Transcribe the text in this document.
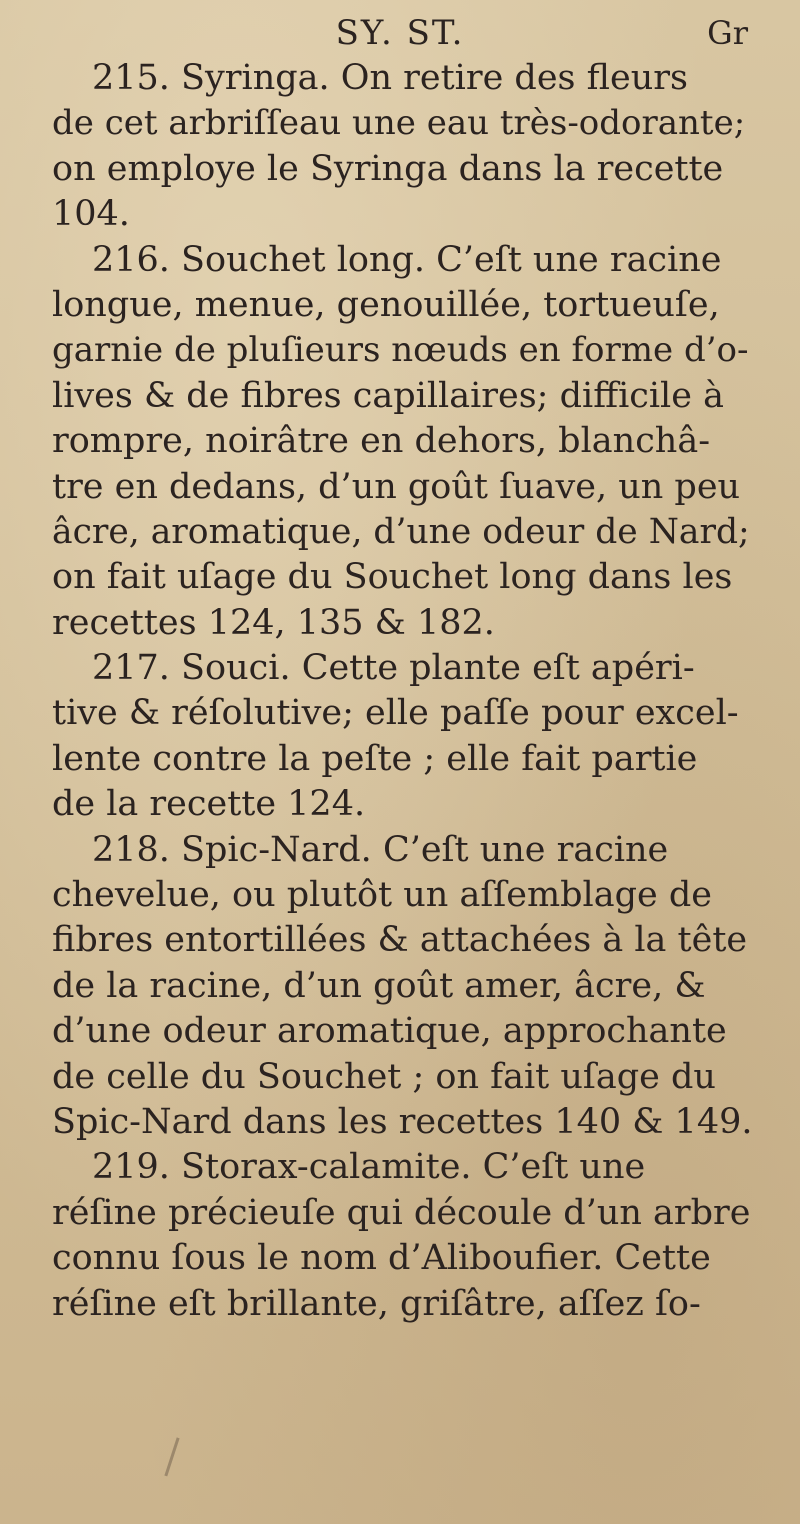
SY. ST.	Gr
215. Syringa. On retire des fleurs
de cet arbriſſeau une eau très-odorante;
on employe le Syringa dans la recette
104.
216. Souchet long. C’eſt une racine
longue, menue, genouillée, tortueuſe,
garnie de pluſieurs nœuds en forme d’o-
lives & de fibres capillaires; difficile à
rompre, noirâtre en dehors, blanchâ-
tre en dedans, d’un goût ſuave, un peu
âcre, aromatique, d’une odeur de Nard;
on fait uſage du Souchet long dans les
recettes 124, 135 & 182.
217. Souci. Cette plante eſt apéri-
tive & réſolutive; elle paſſe pour excel-
lente contre la peſte ; elle fait partie
de la recette 124.
218. Spic-Nard. C’eſt une racine
chevelue, ou plutôt un aſſemblage de
fibres entortillées & attachées à la tête
de la racine, d’un goût amer, âcre, &
d’une odeur aromatique, approchante
de celle du Souchet ; on fait uſage du
Spic-Nard dans les recettes 140 & 149.
219. Storax-calamite. C’eſt une
réſine précieuſe qui découle d’un arbre
connu ſous le nom d’Aliboufier. Cette
réſine eſt brillante, griſâtre, aſſez ſo-
